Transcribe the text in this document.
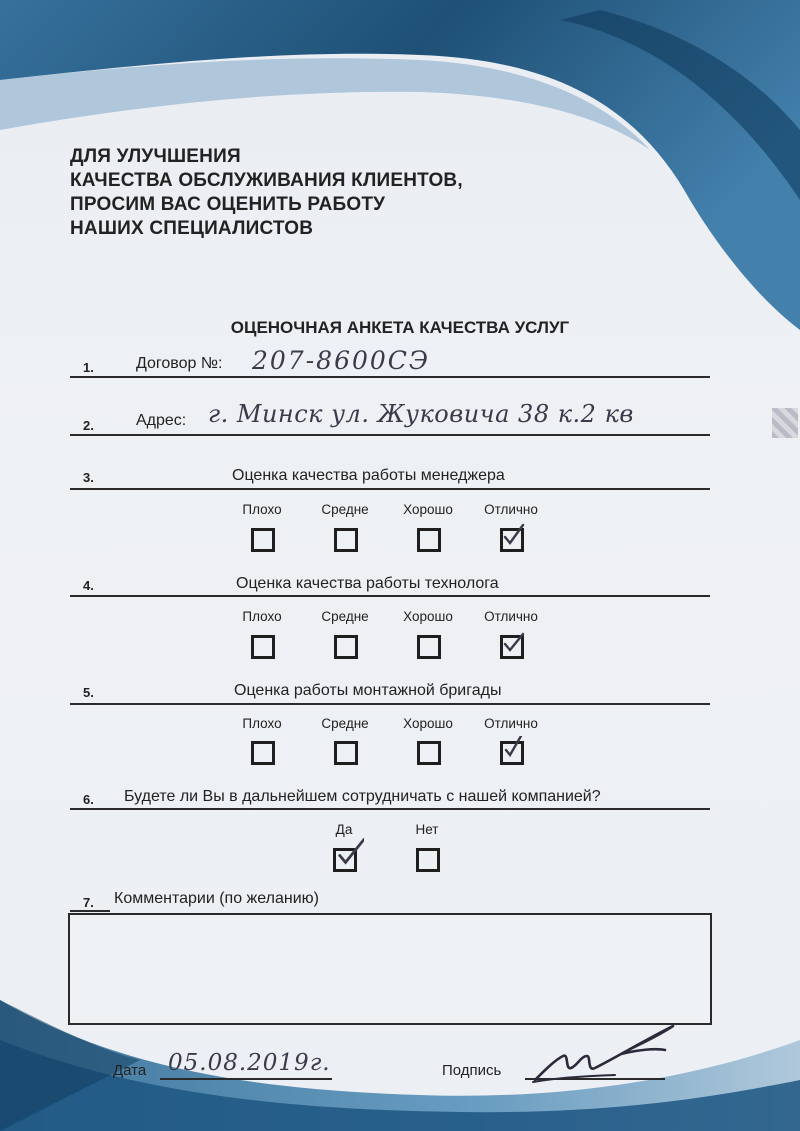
ДЛЯ УЛУЧШЕНИЯ
КАЧЕСТВА ОБСЛУЖИВАНИЯ КЛИЕНТОВ,
ПРОСИМ ВАС ОЦЕНИТЬ РАБОТУ
НАШИХ СПЕЦИАЛИСТОВ
ОЦЕНОЧНАЯ АНКЕТА КАЧЕСТВА УСЛУГ
1.	Договор №: 207-8600СЭ
2.	Адрес: г. Минск ул. Жуковича 38 к.2 кв
3.	Оценка качества работы менеджера
Плохо	Средне	Хорошо	Отлично
4.	Оценка качества работы технолога
Плохо	Средне	Хорошо	Отлично
5.	Оценка работы монтажной бригады
Плохо	Средне	Хорошо	Отлично
6. Будете ли Вы в дальнейшем сотрудничать с нашей компанией?
Да	Нет
7. Комментарии (по желанию)
Дата 05.08.2019г.	Подпись
